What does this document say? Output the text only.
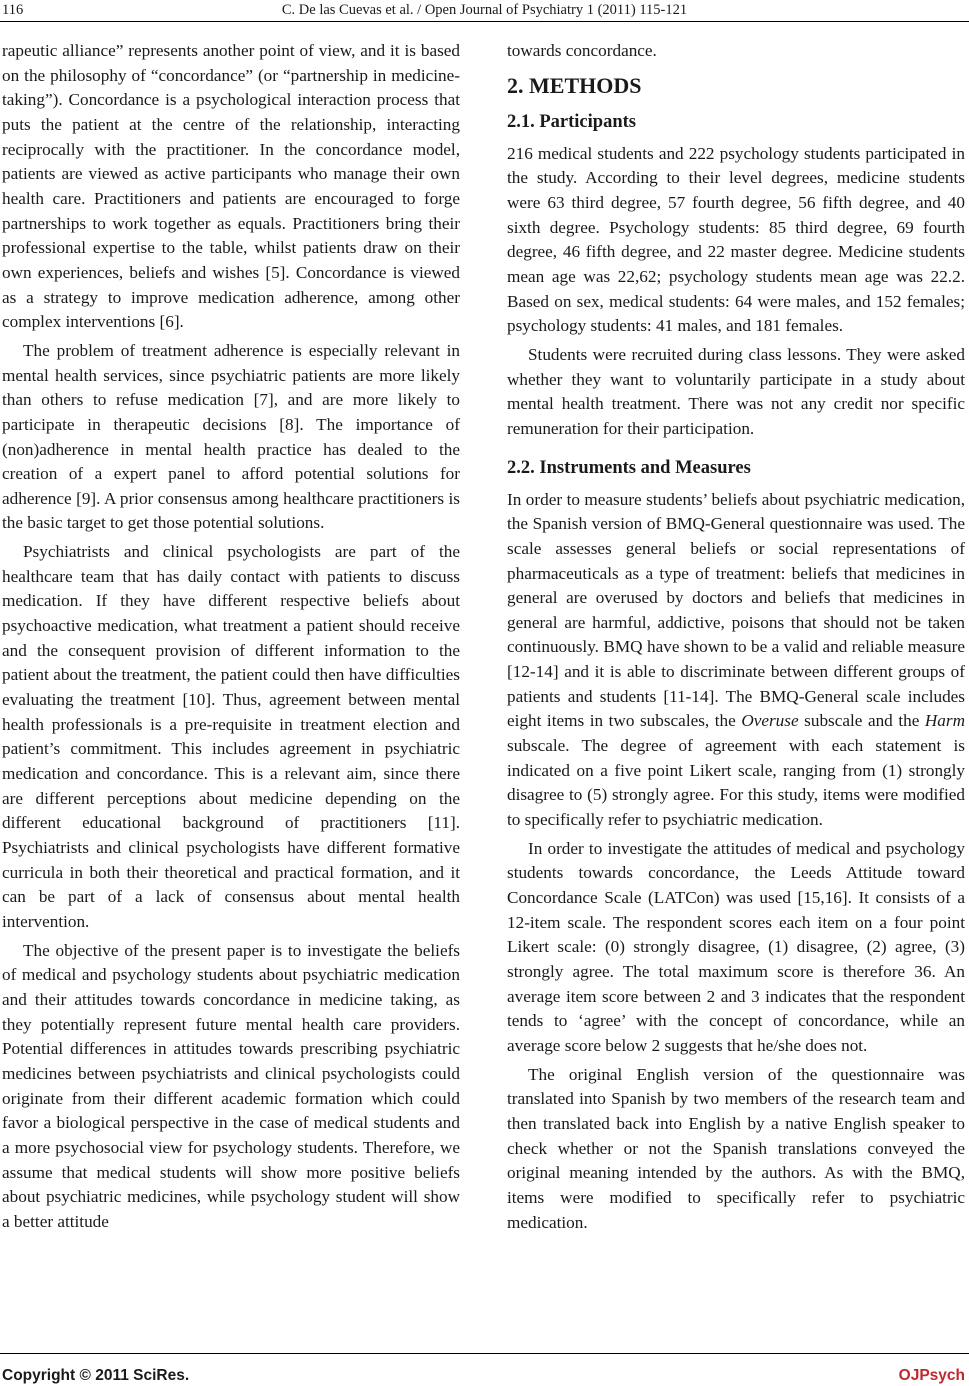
116	C. De las Cuevas et al. / Open Journal of Psychiatry 1 (2011) 115-121

rapeutic alliance” represents another point of view, and it is based on the philosophy of “concordance” (or “partnership in medicine-taking”). Concordance is a psychological interaction process that puts the patient at the centre of the relationship, interacting reciprocally with the practitioner. In the concordance model, patients are viewed as active participants who manage their own health care. Practitioners and patients are encouraged to forge partnerships to work together as equals. Practitioners bring their professional expertise to the table, whilst patients draw on their own experiences, beliefs and wishes [5]. Concordance is viewed as a strategy to improve medication adherence, among other complex interventions [6].

The problem of treatment adherence is especially relevant in mental health services, since psychiatric patients are more likely than others to refuse medication [7], and are more likely to participate in therapeutic decisions [8]. The importance of (non)adherence in mental health practice has dealed to the creation of a expert panel to afford potential solutions for adherence [9]. A prior consensus among healthcare practitioners is the basic target to get those potential solutions.

Psychiatrists and clinical psychologists are part of the healthcare team that has daily contact with patients to discuss medication. If they have different respective beliefs about psychoactive medication, what treatment a patient should receive and the consequent provision of different information to the patient about the treatment, the patient could then have difficulties evaluating the treatment [10]. Thus, agreement between mental health professionals is a pre-requisite in treatment election and patient’s commitment. This includes agreement in psychiatric medication and concordance. This is a relevant aim, since there are different perceptions about medicine depending on the different educational background of practitioners [11]. Psychiatrists and clinical psychologists have different formative curricula in both their theoretical and practical formation, and it can be part of a lack of consensus about mental health intervention.

The objective of the present paper is to investigate the beliefs of medical and psychology students about psychiatric medication and their attitudes towards concordance in medicine taking, as they potentially represent future mental health care providers. Potential differences in attitudes towards prescribing psychiatric medicines between psychiatrists and clinical psychologists could originate from their different academic formation which could favor a biological perspective in the case of medical students and a more psychosocial view for psychology students. Therefore, we assume that medical students will show more positive beliefs about psychiatric medicines, while psychology student will show a better attitude

towards concordance.

2. METHODS
2.1. Participants

216 medical students and 222 psychology students participated in the study. According to their level degrees, medicine students were 63 third degree, 57 fourth degree, 56 fifth degree, and 40 sixth degree. Psychology students: 85 third degree, 69 fourth degree, 46 fifth degree, and 22 master degree. Medicine students mean age was 22,62; psychology students mean age was 22.2. Based on sex, medical students: 64 were males, and 152 females; psychology students: 41 males, and 181 females.

Students were recruited during class lessons. They were asked whether they want to voluntarily participate in a study about mental health treatment. There was not any credit nor specific remuneration for their participation.

2.2. Instruments and Measures

In order to measure students’ beliefs about psychiatric medication, the Spanish version of BMQ-General questionnaire was used. The scale assesses general beliefs or social representations of pharmaceuticals as a type of treatment: beliefs that medicines in general are overused by doctors and beliefs that medicines in general are harmful, addictive, poisons that should not be taken continuously. BMQ have shown to be a valid and reliable measure [12-14] and it is able to discriminate between different groups of patients and students [11-14]. The BMQ-General scale includes eight items in two subscales, the Overuse subscale and the Harm subscale. The degree of agreement with each statement is indicated on a five point Likert scale, ranging from (1) strongly disagree to (5) strongly agree. For this study, items were modified to specifically refer to psychiatric medication.

In order to investigate the attitudes of medical and psychology students towards concordance, the Leeds Attitude toward Concordance Scale (LATCon) was used [15,16]. It consists of a 12-item scale. The respondent scores each item on a four point Likert scale: (0) strongly disagree, (1) disagree, (2) agree, (3) strongly agree. The total maximum score is therefore 36. An average item score between 2 and 3 indicates that the respondent tends to ‘agree’ with the concept of concordance, while an average score below 2 suggests that he/she does not.

The original English version of the questionnaire was translated into Spanish by two members of the research team and then translated back into English by a native English speaker to check whether or not the Spanish translations conveyed the original meaning intended by the authors. As with the BMQ, items were modified to specifically refer to psychiatric medication.

Copyright © 2011 SciRes.	OJPsych
